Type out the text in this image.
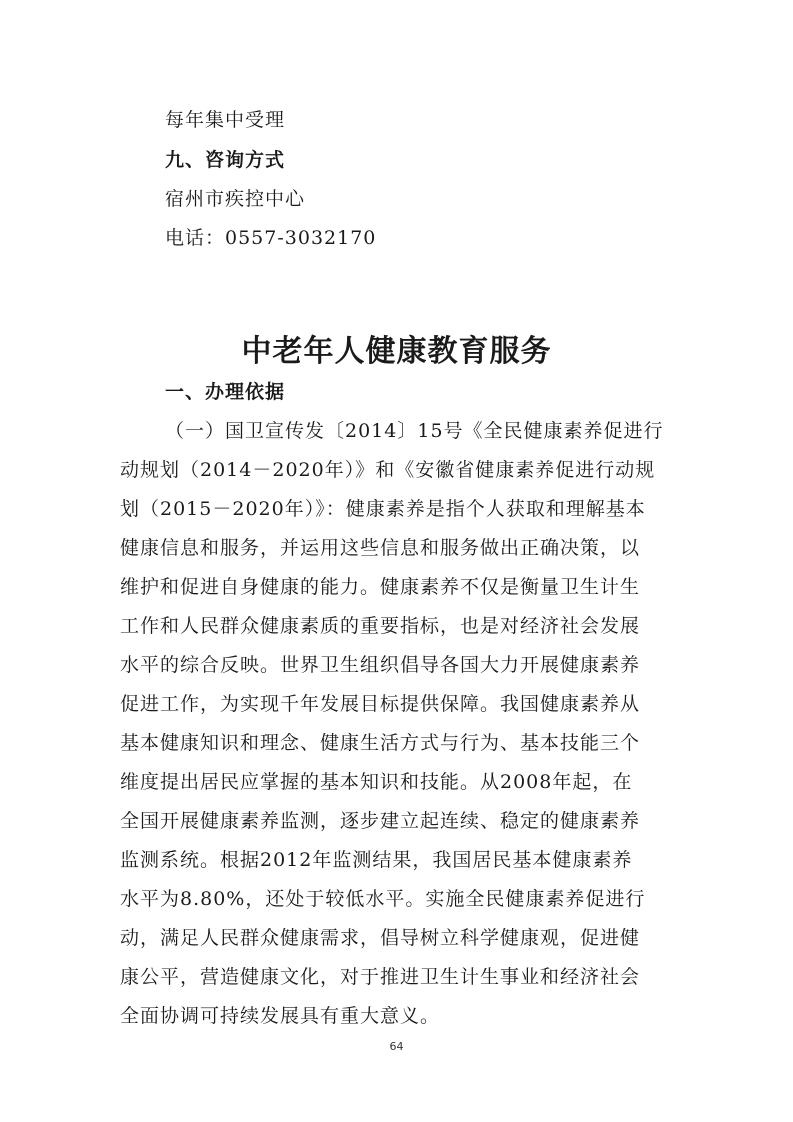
每年集中受理
九、咨询方式
宿州市疾控中心
电话：0557-3032170
中老年人健康教育服务
一、办理依据
（一）国卫宣传发〔2014〕15号《全民健康素养促进行
动规划（2014－2020年）》和《安徽省健康素养促进行动规
划（2015－2020年）》：健康素养是指个人获取和理解基本
健康信息和服务，并运用这些信息和服务做出正确决策，以
维护和促进自身健康的能力。健康素养不仅是衡量卫生计生
工作和人民群众健康素质的重要指标，也是对经济社会发展
水平的综合反映。世界卫生组织倡导各国大力开展健康素养
促进工作，为实现千年发展目标提供保障。我国健康素养从
基本健康知识和理念、健康生活方式与行为、基本技能三个
维度提出居民应掌握的基本知识和技能。从2008年起，在
全国开展健康素养监测，逐步建立起连续、稳定的健康素养
监测系统。根据2012年监测结果，我国居民基本健康素养
水平为8.80%，还处于较低水平。实施全民健康素养促进行
动，满足人民群众健康需求，倡导树立科学健康观，促进健
康公平，营造健康文化，对于推进卫生计生事业和经济社会
全面协调可持续发展具有重大意义。
64
